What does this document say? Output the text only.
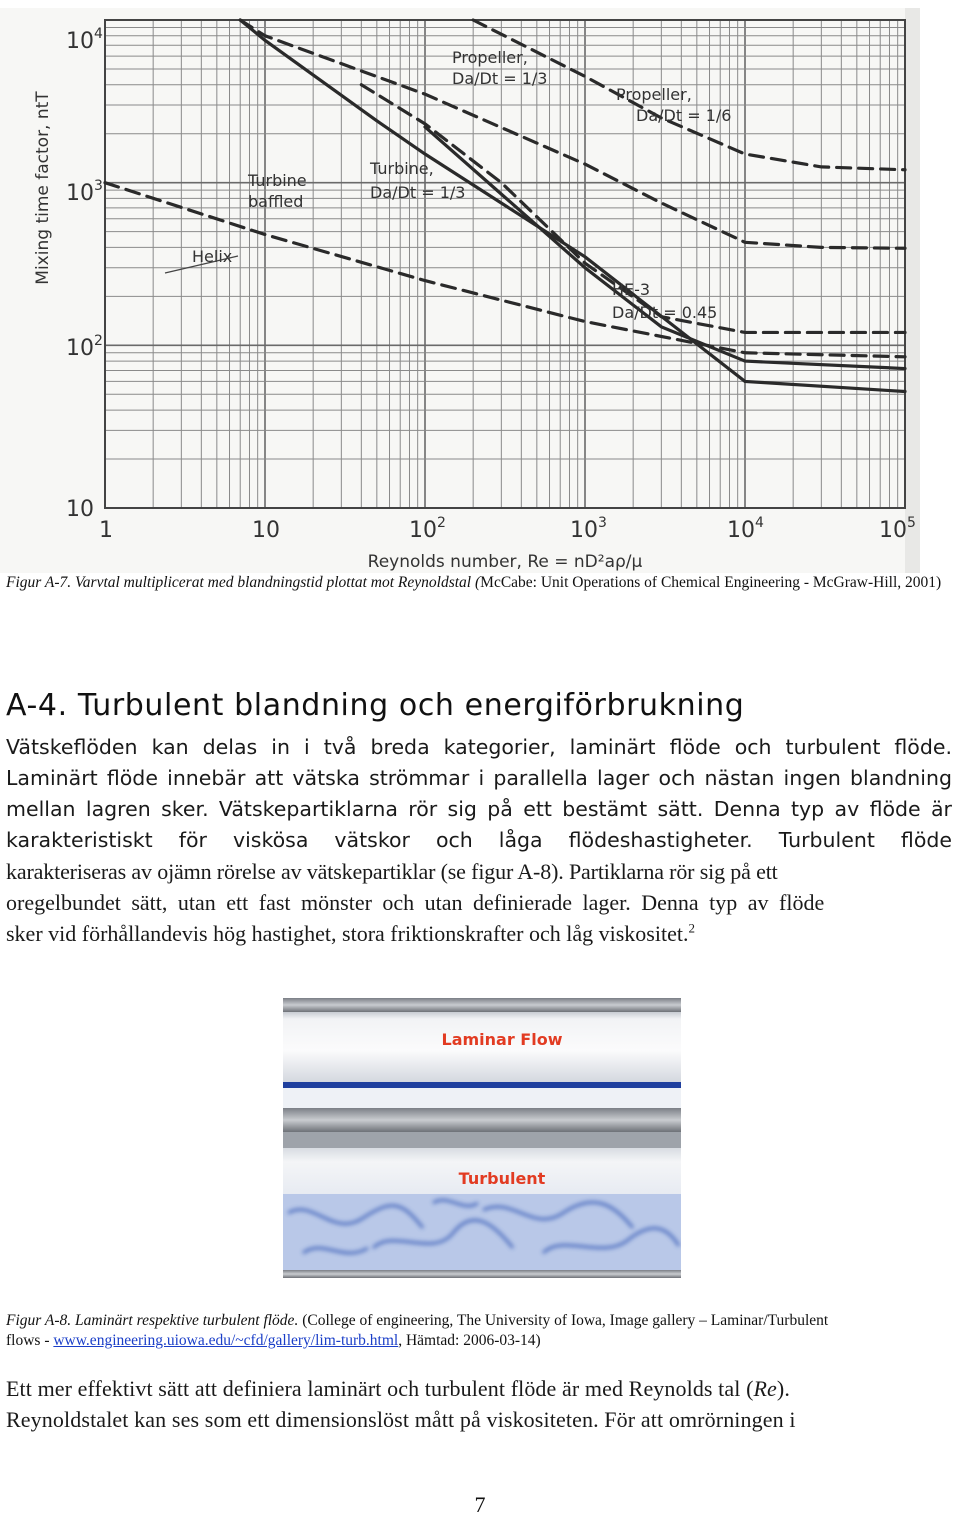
$10^4$
$10^3$
$10^2$
10
1	10	$10^2$	$10^3$	$10^4$	$10^5$
Reynolds number, Re = nD²aρ/μ
Mixing time factor, ntT
Propeller,
Da/Dt = 1/3
Propeller,
Da/Dt = 1/6
Turbine
baffled
Turbine,
Da/Dt = 1/3
Helix
HE-3
Da/Dt = 0.45
Figur A-7. Varvtal multiplicerat med blandningstid plottat mot Reynoldstal (McCabe: Unit Operations of Chemical Engineering - McGraw-Hill, 2001)
A-4. Turbulent blandning och energiförbrukning
Vätskeflöden kan delas in i två breda kategorier, laminärt flöde och turbulent flöde.
Laminärt flöde innebär att vätska strömmar i parallella lager och nästan ingen blandning
mellan lagren sker. Vätskepartiklarna rör sig på ett bestämt sätt. Denna typ av flöde är
karakteristiskt för viskösa vätskor och låga flödeshastigheter. Turbulent flöde
karakteriseras av ojämn rörelse av vätskepartiklar (se figur A-8). Partiklarna rör sig på ett
oregelbundet sätt, utan ett fast mönster och utan definierade lager. Denna typ av flöde
sker vid förhållandevis hög hastighet, stora friktionskrafter och låg viskositet.$^2$
Laminar Flow
Turbulent
Figur A-8. Laminärt respektive turbulent flöde. (College of engineering, The University of Iowa, Image gallery – Laminar/Turbulent
flows - www.engineering.uiowa.edu/~cfd/gallery/lim-turb.html, Hämtad: 2006-03-14)
Ett mer effektivt sätt att definiera laminärt och turbulent flöde är med Reynolds tal (Re).
Reynoldstalet kan ses som ett dimensionslöst mått på viskositeten. För att omrörningen i
7
